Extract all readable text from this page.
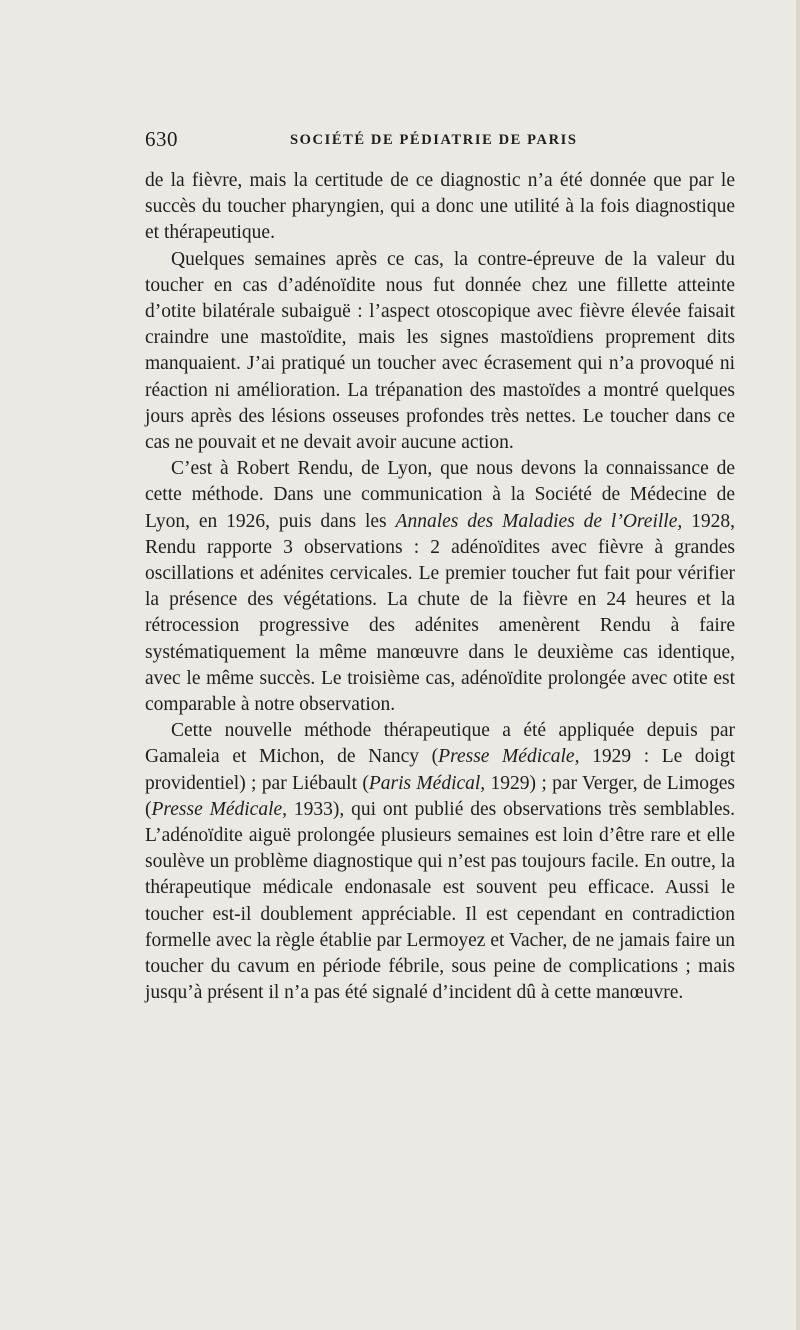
630	SOCIÉTÉ DE PÉDIATRIE DE PARIS

de la fièvre, mais la certitude de ce diagnostic n’a été donnée que par le succès du toucher pharyngien, qui a donc une utilité à la fois diagnostique et thérapeutique.

Quelques semaines après ce cas, la contre-épreuve de la valeur du toucher en cas d’adénoïdite nous fut donnée chez une fillette atteinte d’otite bilatérale subaiguë : l’aspect otoscopique avec fièvre élevée faisait craindre une mastoïdite, mais les signes mastoïdiens proprement dits manquaient. J’ai pratiqué un toucher avec écrasement qui n’a provoqué ni réaction ni amélioration. La trépanation des mastoïdes a montré quelques jours après des lésions osseuses profondes très nettes. Le toucher dans ce cas ne pouvait et ne devait avoir aucune action.

C’est à Robert Rendu, de Lyon, que nous devons la connaissance de cette méthode. Dans une communication à la Société de Médecine de Lyon, en 1926, puis dans les Annales des Maladies de l’Oreille, 1928, Rendu rapporte 3 observations : 2 adénoïdites avec fièvre à grandes oscillations et adénites cervicales. Le premier toucher fut fait pour vérifier la présence des végétations. La chute de la fièvre en 24 heures et la rétrocession progressive des adénites amenèrent Rendu à faire systématiquement la même manœuvre dans le deuxième cas identique, avec le même succès. Le troisième cas, adénoïdite prolongée avec otite est comparable à notre observation.

Cette nouvelle méthode thérapeutique a été appliquée depuis par Gamaleia et Michon, de Nancy (Presse Médicale, 1929 : Le doigt providentiel) ; par Liébault (Paris Médical, 1929) ; par Verger, de Limoges (Presse Médicale, 1933), qui ont publié des observations très semblables. L’adénoïdite aiguë prolongée plusieurs semaines est loin d’être rare et elle soulève un problème diagnostique qui n’est pas toujours facile. En outre, la thérapeutique médicale endonasale est souvent peu efficace. Aussi le toucher est-il doublement appréciable. Il est cependant en contradiction formelle avec la règle établie par Lermoyez et Vacher, de ne jamais faire un toucher du cavum en période fébrile, sous peine de complications ; mais jusqu’à présent il n’a pas été signalé d’incident dû à cette manœuvre.
